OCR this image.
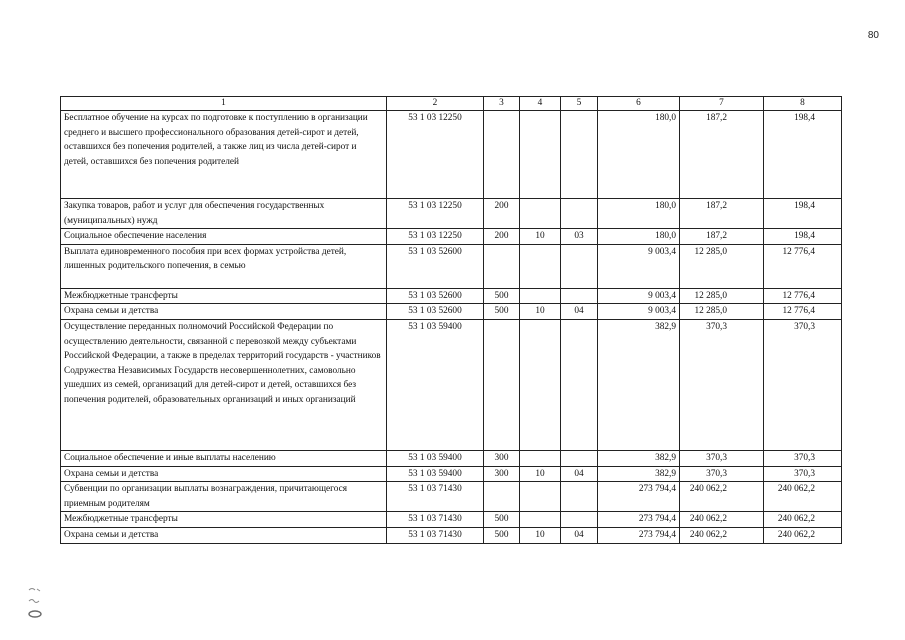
80
1	2	3	4	5	6	7	8
Бесплатное обучение на курсах по подготовке к поступлению в организации среднего и высшего профессионального образования детей-сирот и детей, оставшихся без попечения родителей, а также лиц из числа детей-сирот и детей, оставшихся без попечения родителей	53 1 03 12250				180,0	187,2	198,4
Закупка товаров, работ и услуг для обеспечения государственных (муниципальных) нужд	53 1 03 12250	200			180,0	187,2	198,4
Социальное обеспечение населения	53 1 03 12250	200	10	03	180,0	187,2	198,4
Выплата единовременного пособия при всех формах устройства детей, лишенных родительского попечения, в семью	53 1 03 52600				9 003,4	12 285,0	12 776,4
Межбюджетные трансферты	53 1 03 52600	500			9 003,4	12 285,0	12 776,4
Охрана семьи и детства	53 1 03 52600	500	10	04	9 003,4	12 285,0	12 776,4
Осуществление переданных полномочий Российской Федерации по осуществлению деятельности, связанной с перевозкой между субъектами Российской Федерации, а также в пределах территорий государств - участников Содружества Независимых Государств несовершеннолетних, самовольно ушедших из семей, организаций для детей-сирот и детей, оставшихся без попечения родителей, образовательных организаций и иных организаций	53 1 03 59400				382,9	370,3	370,3
Социальное обеспечение и иные выплаты населению	53 1 03 59400	300			382,9	370,3	370,3
Охрана семьи и детства	53 1 03 59400	300	10	04	382,9	370,3	370,3
Субвенции по организации выплаты вознаграждения, причитающегося приемным родителям	53 1 03 71430				273 794,4	240 062,2	240 062,2
Межбюджетные трансферты	53 1 03 71430	500			273 794,4	240 062,2	240 062,2
Охрана семьи и детства	53 1 03 71430	500	10	04	273 794,4	240 062,2	240 062,2
